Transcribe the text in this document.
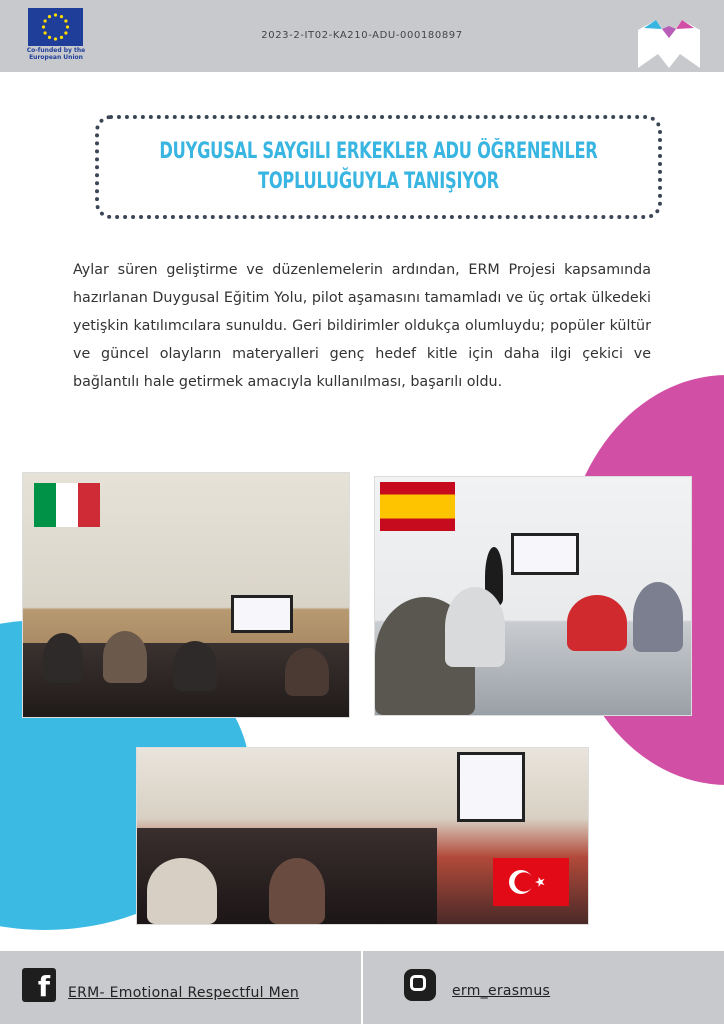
Co-funded by the European Union
2023-2-IT02-KA210-ADU-000180897
DUYGUSAL SAYGILI ERKEKLER ADU ÖĞRENENLER TOPLULUĞUYLA TANIŞIYOR
Aylar süren geliştirme ve düzenlemelerin ardından, ERM Projesi kapsamında hazırlanan Duygusal Eğitim Yolu, pilot aşamasını tamamladı ve üç ortak ülkedeki yetişkin katılımcılara sunuldu. Geri bildirimler oldukça olumluydu; popüler kültür ve güncel olayların materyalleri genç hedef kitle için daha ilgi çekici ve bağlantılı hale getirmek amacıyla kullanılması, başarılı oldu.
f	ERM- Emotional Respectful Men	erm_erasmus
